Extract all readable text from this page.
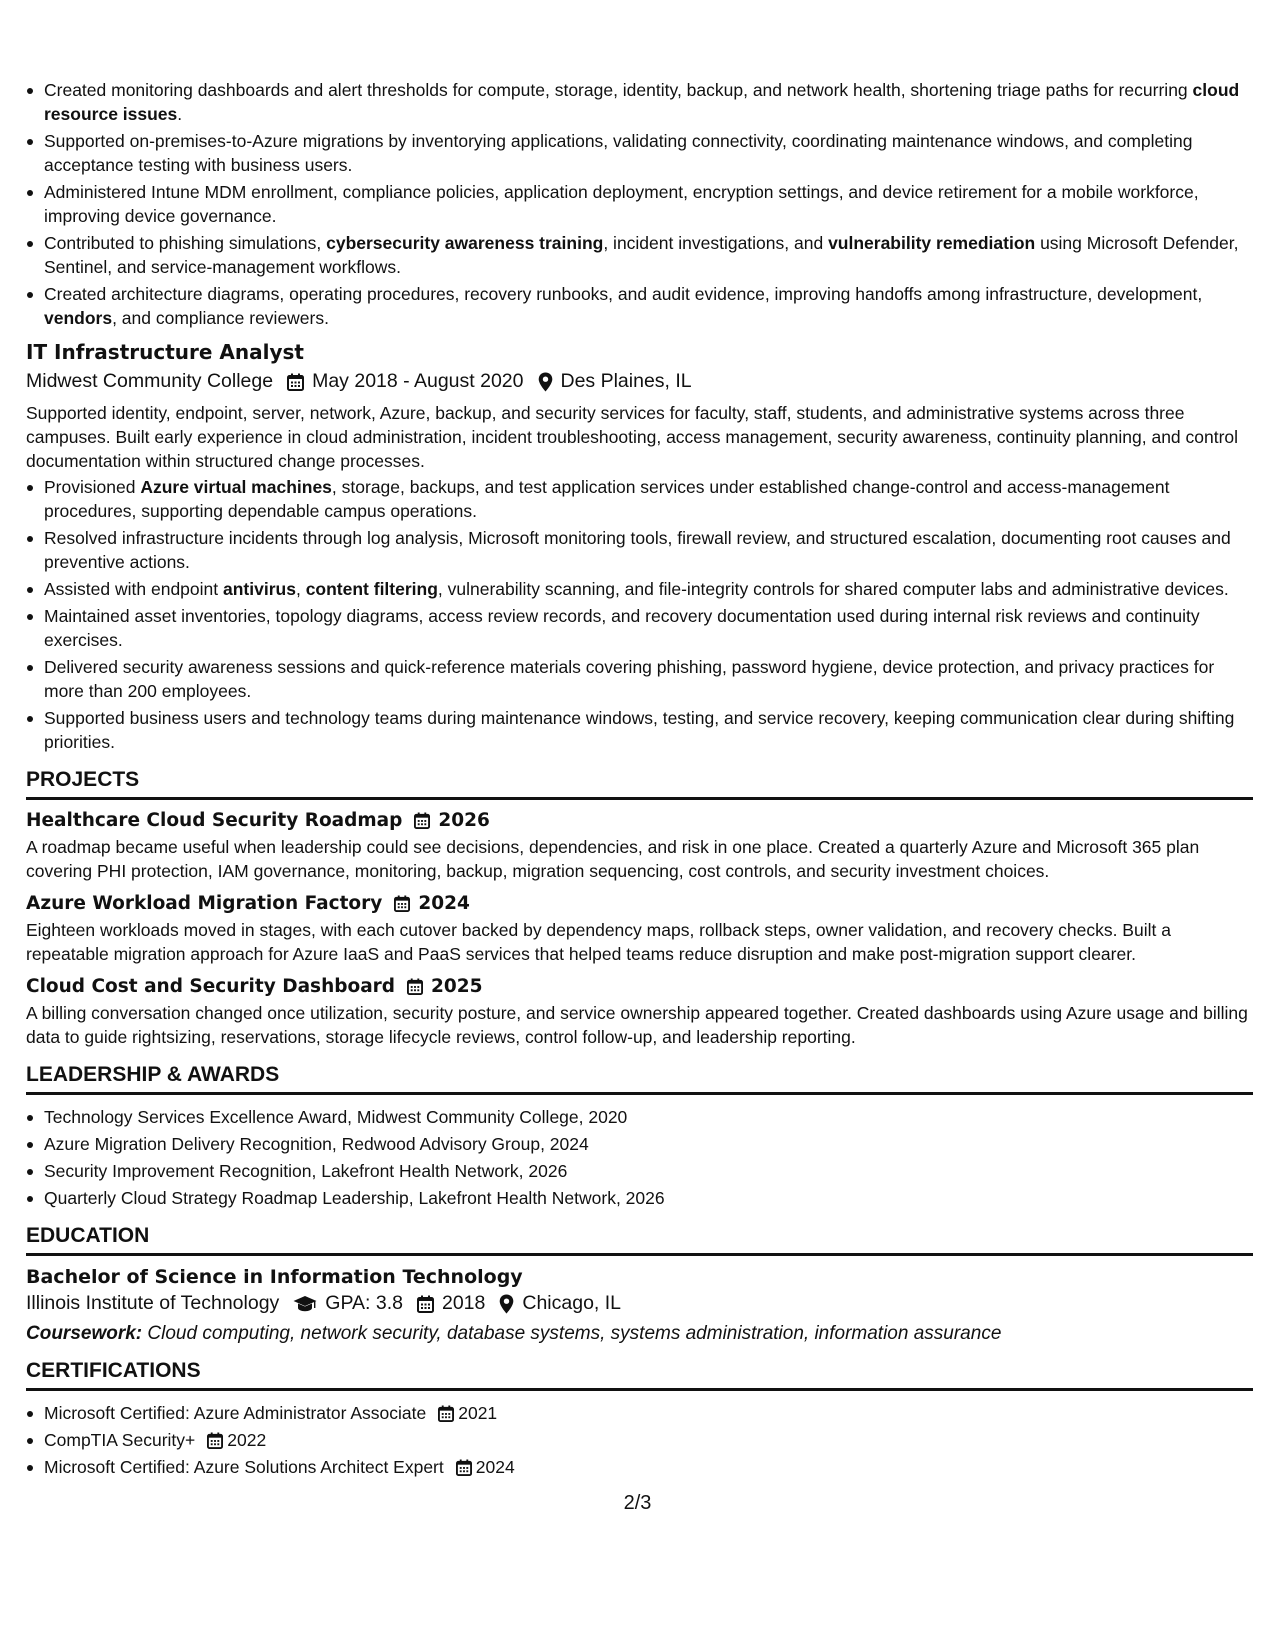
Created monitoring dashboards and alert thresholds for compute, storage, identity, backup, and network health, shortening triage paths for recurring cloud resource issues.
Supported on-premises-to-Azure migrations by inventorying applications, validating connectivity, coordinating maintenance windows, and completing acceptance testing with business users.
Administered Intune MDM enrollment, compliance policies, application deployment, encryption settings, and device retirement for a mobile workforce, improving device governance.
Contributed to phishing simulations, cybersecurity awareness training, incident investigations, and vulnerability remediation using Microsoft Defender, Sentinel, and service-management workflows.
Created architecture diagrams, operating procedures, recovery runbooks, and audit evidence, improving handoffs among infrastructure, development, vendors, and compliance reviewers.
IT Infrastructure Analyst
Midwest Community College May 2018 - August 2020 Des Plaines, IL

Supported identity, endpoint, server, network, Azure, backup, and security services for faculty, staff, students, and administrative systems across three campuses. Built early experience in cloud administration, incident troubleshooting, access management, security awareness, continuity planning, and control documentation within structured change processes.

Provisioned Azure virtual machines, storage, backups, and test application services under established change-control and access-management procedures, supporting dependable campus operations.
Resolved infrastructure incidents through log analysis, Microsoft monitoring tools, firewall review, and structured escalation, documenting root causes and preventive actions.
Assisted with endpoint antivirus, content filtering, vulnerability scanning, and file-integrity controls for shared computer labs and administrative devices.
Maintained asset inventories, topology diagrams, access review records, and recovery documentation used during internal risk reviews and continuity exercises.
Delivered security awareness sessions and quick-reference materials covering phishing, password hygiene, device protection, and privacy practices for more than 200 employees.
Supported business users and technology teams during maintenance windows, testing, and service recovery, keeping communication clear during shifting priorities.
PROJECTS
Healthcare Cloud Security Roadmap 2026

A roadmap became useful when leadership could see decisions, dependencies, and risk in one place. Created a quarterly Azure and Microsoft 365 plan covering PHI protection, IAM governance, monitoring, backup, migration sequencing, cost controls, and security investment choices.

Azure Workload Migration Factory 2024

Eighteen workloads moved in stages, with each cutover backed by dependency maps, rollback steps, owner validation, and recovery checks. Built a repeatable migration approach for Azure IaaS and PaaS services that helped teams reduce disruption and make post-migration support clearer.

Cloud Cost and Security Dashboard 2025

A billing conversation changed once utilization, security posture, and service ownership appeared together. Created dashboards using Azure usage and billing data to guide rightsizing, reservations, storage lifecycle reviews, control follow-up, and leadership reporting.

LEADERSHIP & AWARDS
Technology Services Excellence Award, Midwest Community College, 2020
Azure Migration Delivery Recognition, Redwood Advisory Group, 2024
Security Improvement Recognition, Lakefront Health Network, 2026
Quarterly Cloud Strategy Roadmap Leadership, Lakefront Health Network, 2026
EDUCATION
Bachelor of Science in Information Technology
Illinois Institute of Technology GPA: 3.8 2018 Chicago, IL
Coursework: Cloud computing, network security, database systems, systems administration, information assurance
CERTIFICATIONS
Microsoft Certified: Azure Administrator Associate 2021
CompTIA Security+ 2022
Microsoft Certified: Azure Solutions Architect Expert 2024
2/3
